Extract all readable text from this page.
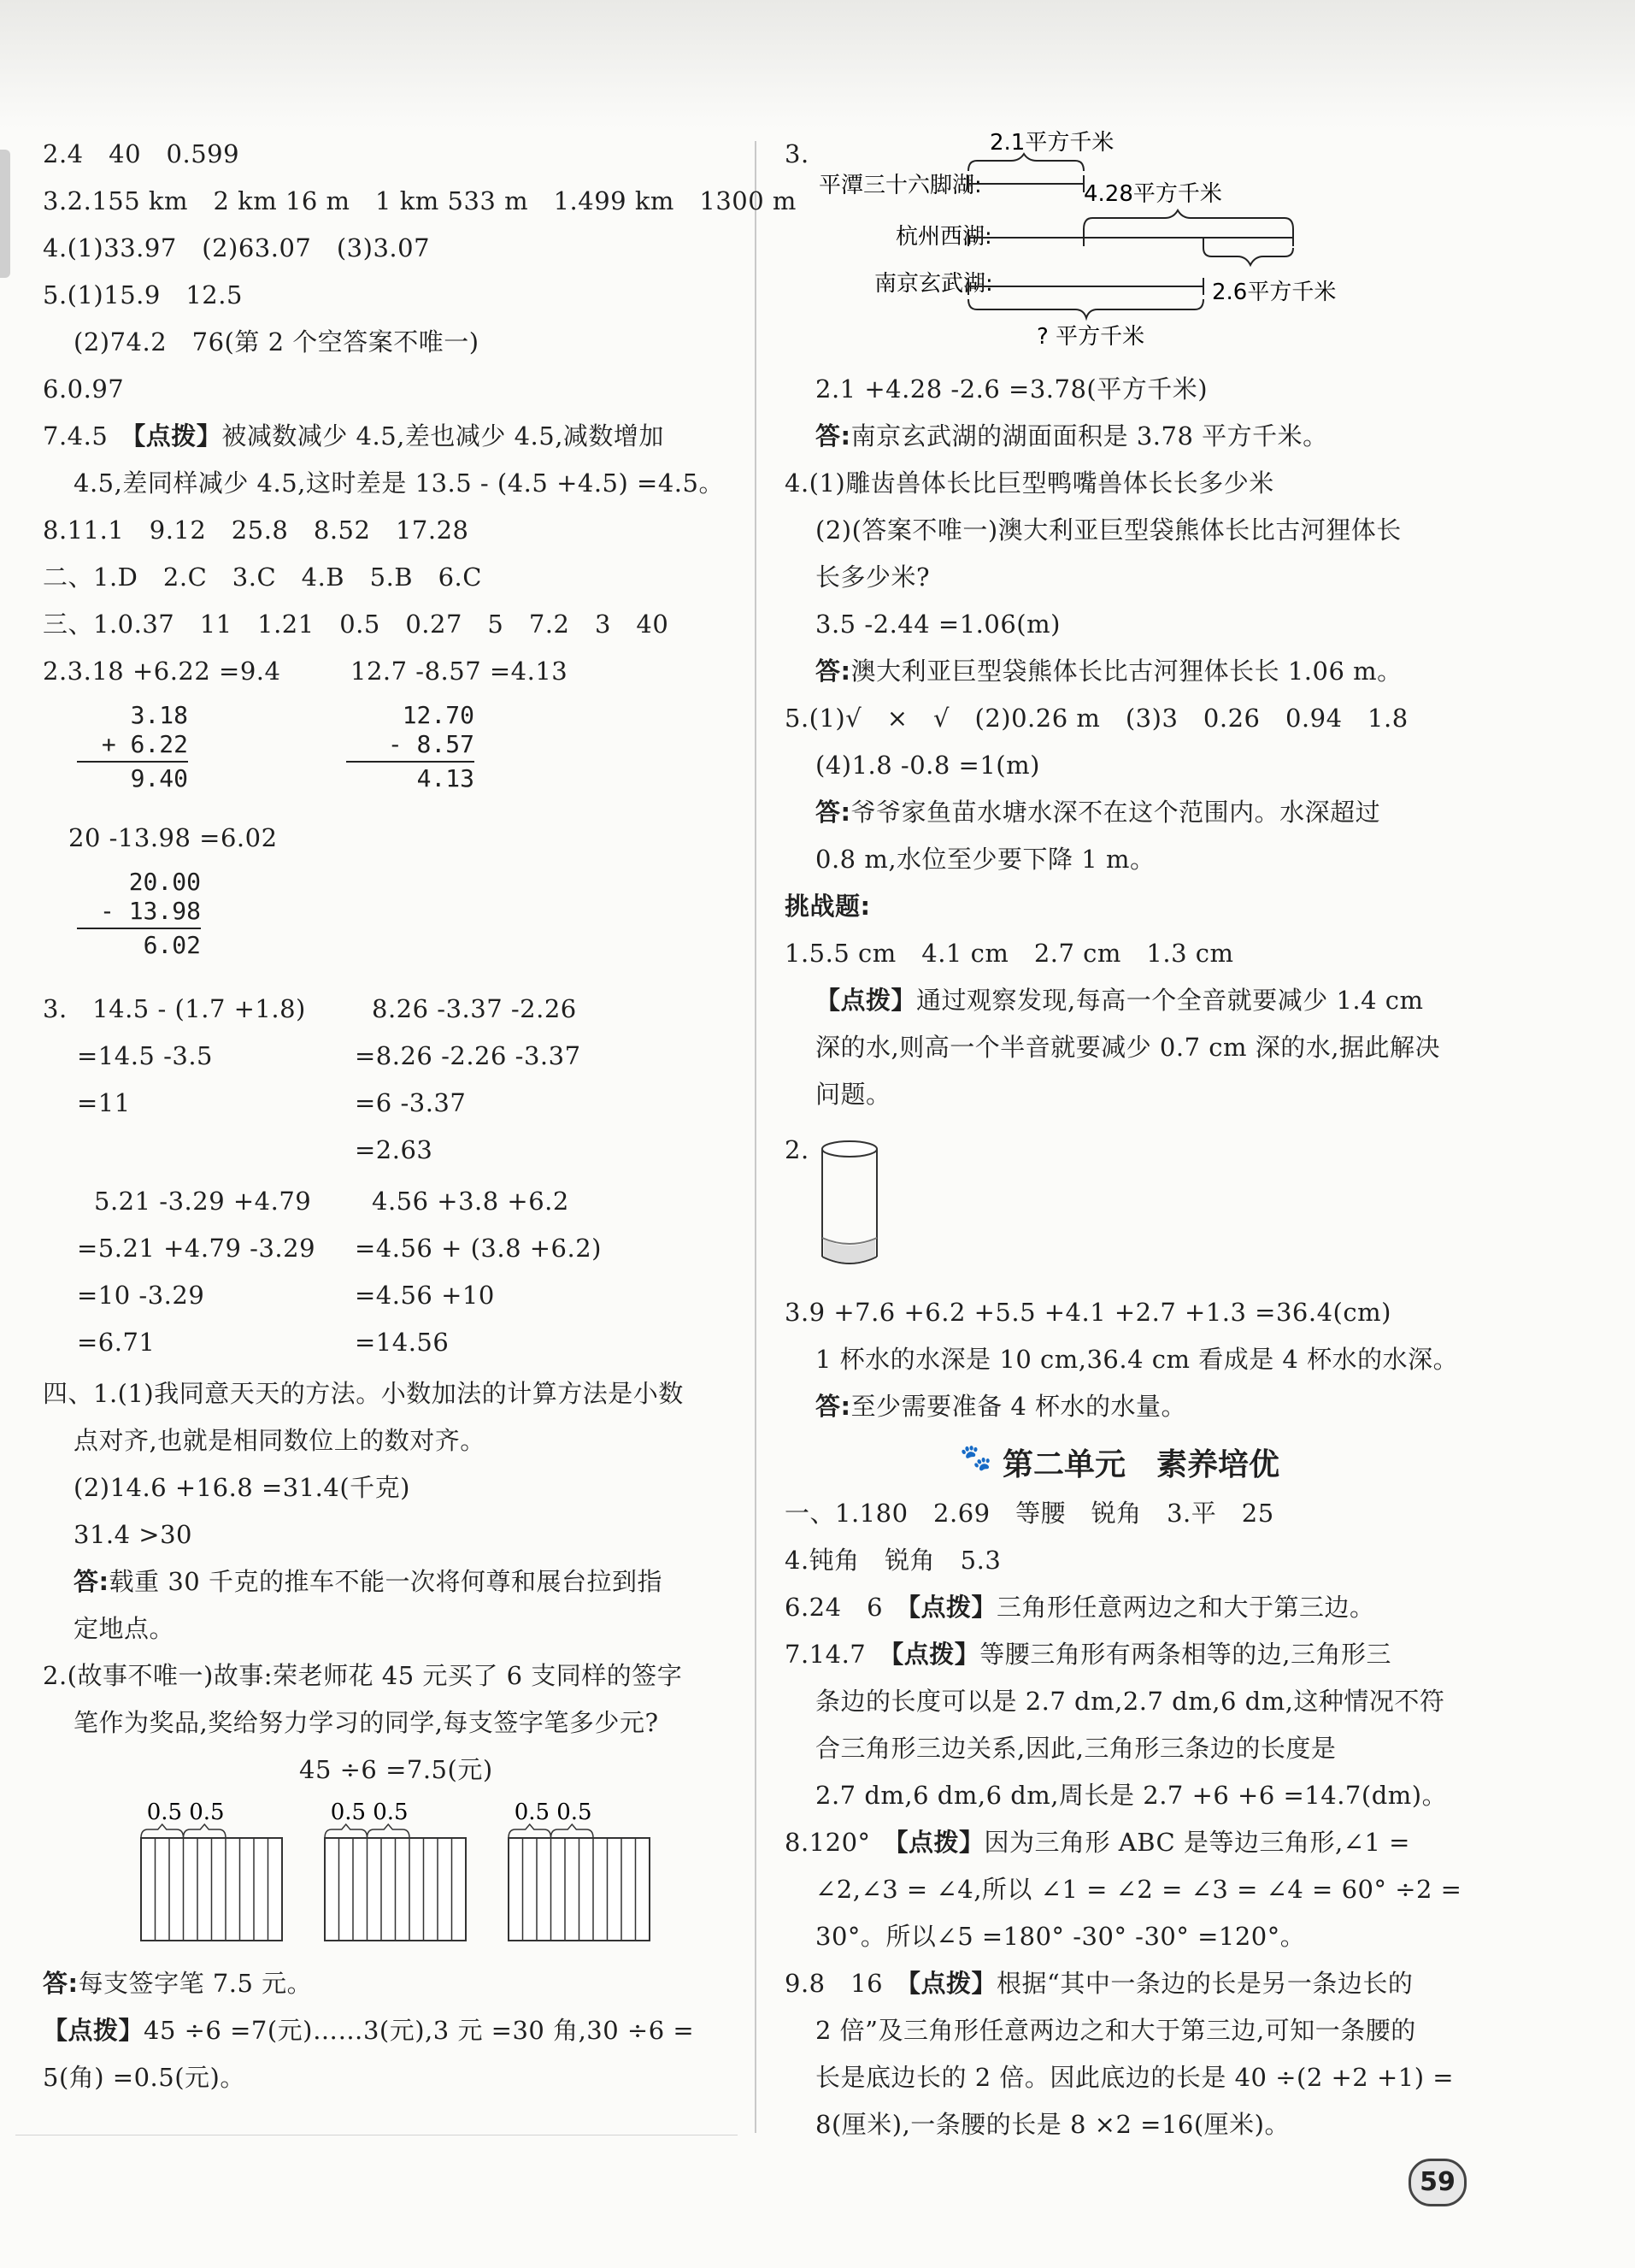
2.4　40　0.599
3.2.155 km　2 km 16 m　1 km 533 m　1.499 km　1300 m
4.(1)33.97　(2)63.07　(3)3.07
5.(1)15.9　12.5
(2)74.2　76(第 2 个空答案不唯一)
6.0.97
7.4.5　【点拨】被减数减少 4.5,差也减少 4.5,减数增加
4.5,差同样减少 4.5,这时差是 13.5 - (4.5 +4.5) =4.5。
8.11.1　9.12　25.8　8.52　17.28
二、1.D　2.C　3.C　4.B　5.B　6.C
三、1.0.37　11　1.21　0.5　0.27　5　7.2　3　40
2.3.18 +6.22 =9.4	12.7 -8.57 =4.13
3.18
+ 6.22
9.40
12.70
- 8.57
4.13
20 -13.98 =6.02
20.00
- 13.98
6.02
3.　14.5 - (1.7 +1.8)
=14.5 -3.5
=11
8.26 -3.37 -2.26
=8.26 -2.26 -3.37
=6 -3.37
=2.63
5.21 -3.29 +4.79
=5.21 +4.79 -3.29
=10 -3.29
=6.71
4.56 +3.8 +6.2
=4.56 + (3.8 +6.2)
=4.56 +10
=14.56
四、1.(1)我同意天天的方法。小数加法的计算方法是小数
点对齐,也就是相同数位上的数对齐。
(2)14.6 +16.8 =31.4(千克)
31.4 >30
答:载重 30 千克的推车不能一次将何尊和展台拉到指
定地点。
2.(故事不唯一)故事:荣老师花 45 元买了 6 支同样的签字
笔作为奖品,奖给努力学习的同学,每支签字笔多少元?
45 ÷6 =7.5(元)
0.5 0.5	0.5 0.5	0.5 0.5
答:每支签字笔 7.5 元。
【点拨】45 ÷6 =7(元)……3(元),3 元 =30 角,30 ÷6 =
5(角) =0.5(元)。
3.
平潭三十六脚湖:
杭州西湖:
南京玄武湖:
2.1平方千米
4.28平方千米
2.6平方千米
? 平方千米
2.1 +4.28 -2.6 =3.78(平方千米)
答:南京玄武湖的湖面面积是 3.78 平方千米。
4.(1)雕齿兽体长比巨型鸭嘴兽体长长多少米
(2)(答案不唯一)澳大利亚巨型袋熊体长比古河狸体长
长多少米?
3.5 -2.44 =1.06(m)
答:澳大利亚巨型袋熊体长比古河狸体长长 1.06 m。
5.(1)√　×　√　(2)0.26 m　(3)3　0.26　0.94　1.8
(4)1.8 -0.8 =1(m)
答:爷爷家鱼苗水塘水深不在这个范围内。水深超过
0.8 m,水位至少要下降 1 m。
挑战题:
1.5.5 cm　4.1 cm　2.7 cm　1.3 cm
【点拨】通过观察发现,每高一个全音就要减少 1.4 cm
深的水,则高一个半音就要减少 0.7 cm 深的水,据此解决
问题。
2.
3.9 +7.6 +6.2 +5.5 +4.1 +2.7 +1.3 =36.4(cm)
1 杯水的水深是 10 cm,36.4 cm 看成是 4 杯水的水深。
答:至少需要准备 4 杯水的水量。
🐾 第二单元　素养培优
一、1.180　2.69　等腰　锐角　3.平　25
4.钝角　锐角　5.3
6.24　6　【点拨】三角形任意两边之和大于第三边。
7.14.7　【点拨】等腰三角形有两条相等的边,三角形三
条边的长度可以是 2.7 dm,2.7 dm,6 dm,这种情况不符
合三角形三边关系,因此,三角形三条边的长度是
2.7 dm,6 dm,6 dm,周长是 2.7 +6 +6 =14.7(dm)。
8.120°　【点拨】因为三角形 ABC 是等边三角形,∠1 =
∠2,∠3 = ∠4,所以 ∠1 = ∠2 = ∠3 = ∠4 = 60° ÷2 =
30°。所以∠5 =180° -30° -30° =120°。
9.8　16　【点拨】根据“其中一条边的长是另一条边长的
2 倍”及三角形任意两边之和大于第三边,可知一条腰的
长是底边长的 2 倍。因此底边的长是 40 ÷(2 +2 +1) =
8(厘米),一条腰的长是 8 ×2 =16(厘米)。
59
